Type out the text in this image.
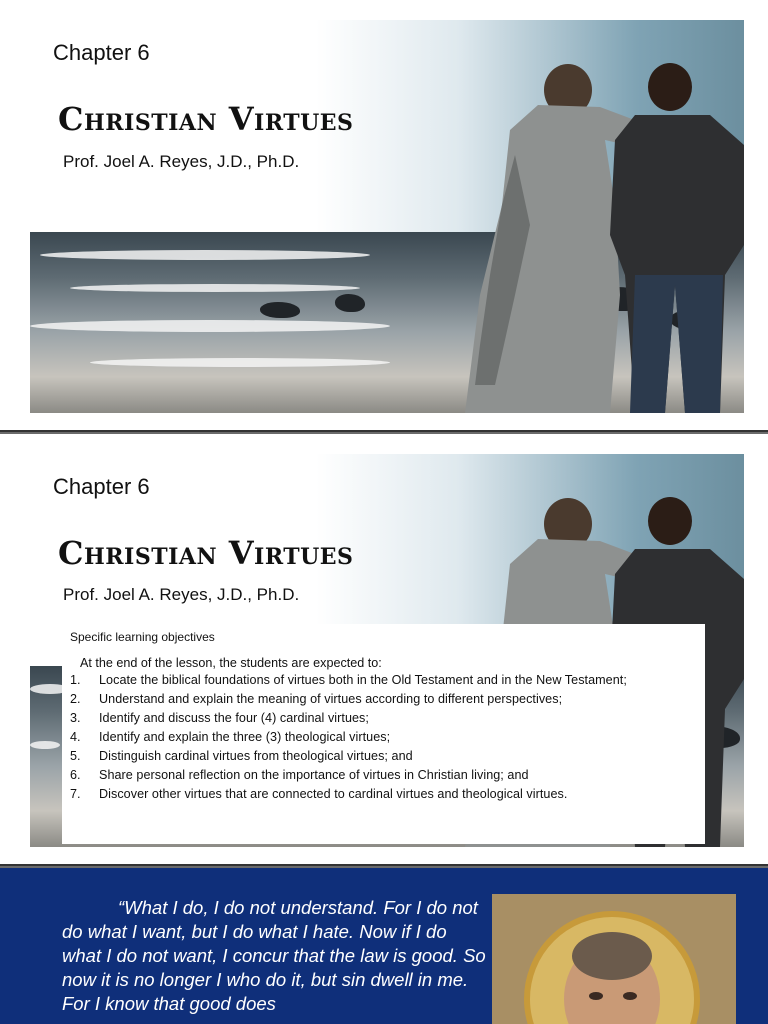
Chapter 6
Christian Virtues
Prof. Joel A. Reyes, J.D., Ph.D.
Chapter 6
Christian Virtues
Prof. Joel A. Reyes, J.D., Ph.D.
Specific learning objectives
At the end of the lesson, the students are expected to:
1.	Locate the biblical foundations of virtues both in the Old Testament and in the New Testament;
2.	Understand and explain the meaning of virtues according to different perspectives;
3.	Identify and discuss the four (4) cardinal virtues;
4.	Identify and explain the three (3) theological virtues;
5.	Distinguish cardinal virtues from theological virtues; and
6.	Share personal reflection on the importance of virtues in Christian living; and
7.	Discover other virtues that are connected to cardinal virtues and theological virtues.
“What I do, I do not understand. For I do not do what I want, but I do what I hate. Now if I do what I do not want, I concur that the law is good. So now it is no longer I who do it, but sin dwell in me. For I know that good does
